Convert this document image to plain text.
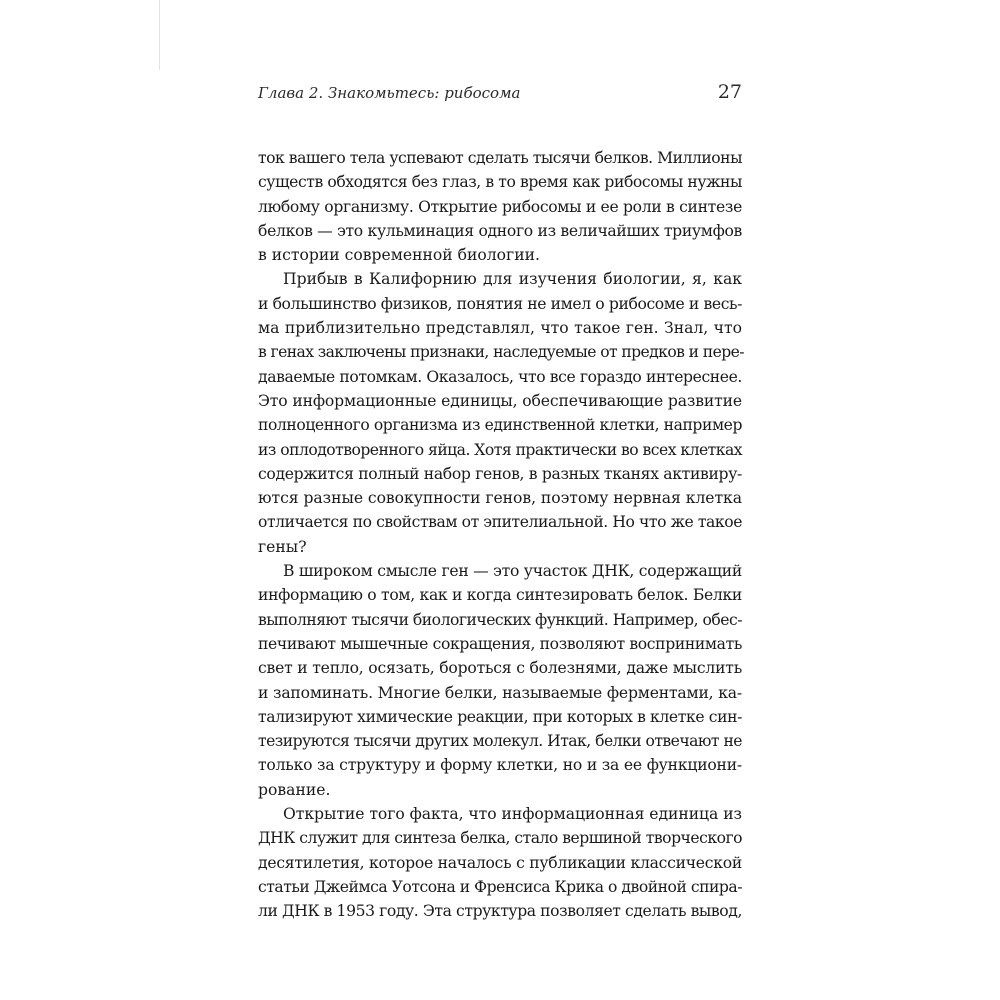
Глава 2. Знакомьтесь: рибосома	27
ток вашего тела успевают сделать тысячи белков. Миллионы
существ обходятся без глаз, в то время как рибосомы нужны
любому организму. Открытие рибосомы и ее роли в синтезе
белков — это кульминация одного из величайших триумфов
в истории современной биологии.
Прибыв в Калифорнию для изучения биологии, я, как
и большинство физиков, понятия не имел о рибосоме и весь-
ма приблизительно представлял, что такое ген. Знал, что
в генах заключены признаки, наследуемые от предков и пере-
даваемые потомкам. Оказалось, что все гораздо интереснее.
Это информационные единицы, обеспечивающие развитие
полноценного организма из единственной клетки, например
из оплодотворенного яйца. Хотя практически во всех клетках
содержится полный набор генов, в разных тканях активиру-
ются разные совокупности генов, поэтому нервная клетка
отличается по свойствам от эпителиальной. Но что же такое
гены?
В широком смысле ген — это участок ДНК, содержащий
информацию о том, как и когда синтезировать белок. Белки
выполняют тысячи биологических функций. Например, обес-
печивают мышечные сокращения, позволяют воспринимать
свет и тепло, осязать, бороться с болезнями, даже мыслить
и запоминать. Многие белки, называемые ферментами, ка-
тализируют химические реакции, при которых в клетке син-
тезируются тысячи других молекул. Итак, белки отвечают не
только за структуру и форму клетки, но и за ее функциони-
рование.
Открытие того факта, что информационная единица из
ДНК служит для синтеза белка, стало вершиной творческого
десятилетия, которое началось с публикации классической
статьи Джеймса Уотсона и Френсиса Крика о двойной спира-
ли ДНК в 1953 году. Эта структура позволяет сделать вывод,
